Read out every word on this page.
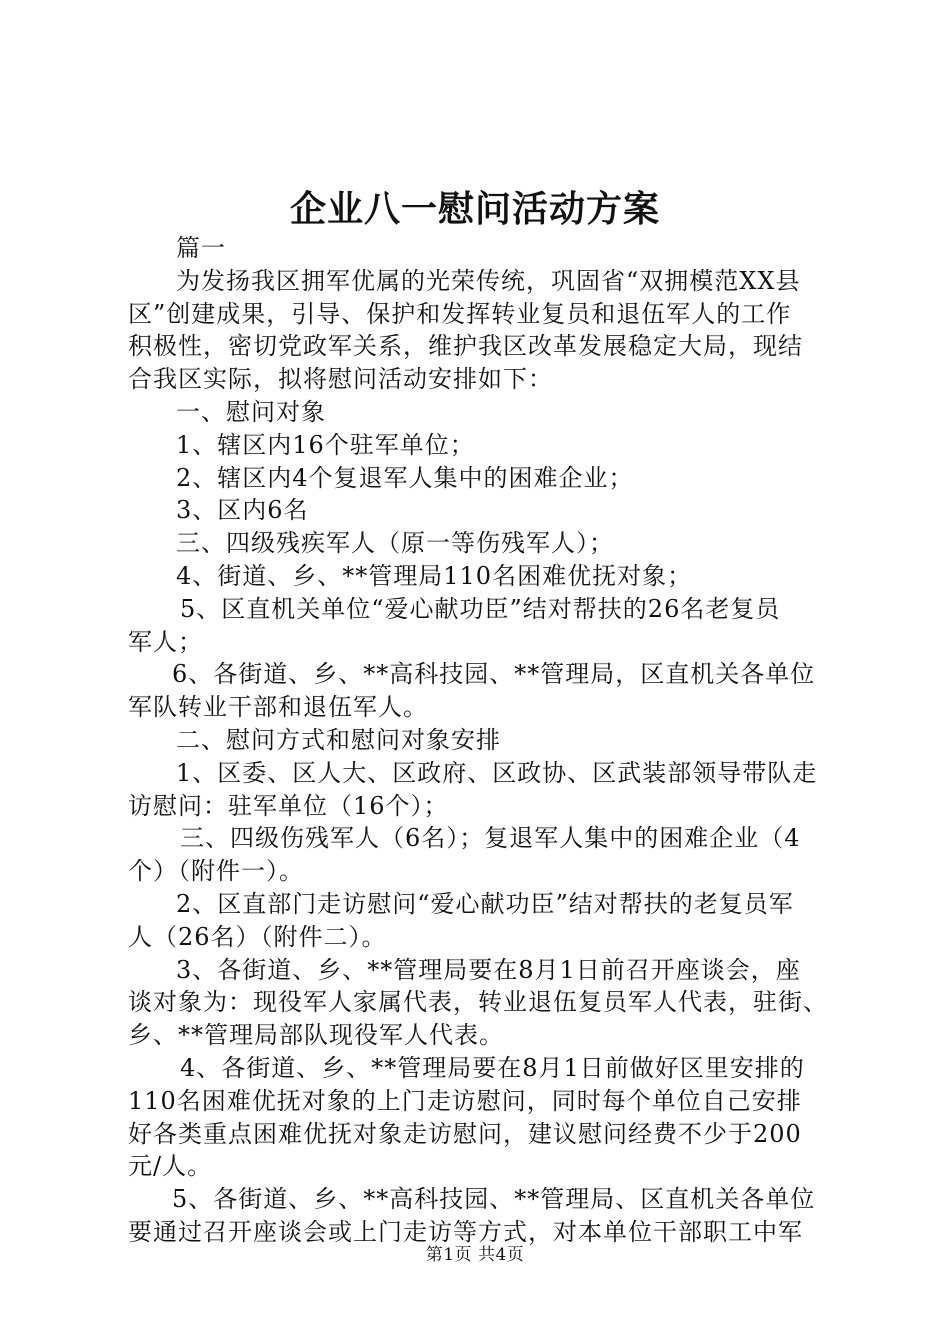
企业八一慰问活动方案
篇一
为发扬我区拥军优属的光荣传统，巩固省“双拥模范XX县
区”创建成果，引导、保护和发挥转业复员和退伍军人的工作
积极性，密切党政军关系，维护我区改革发展稳定大局，现结
合我区实际，拟将慰问活动安排如下：
一、慰问对象
1、辖区内16个驻军单位；
2、辖区内4个复退军人集中的困难企业；
3、区内6名
三、四级残疾军人（原一等伤残军人）；
4、街道、乡、**管理局110名困难优抚对象；
5、区直机关单位“爱心献功臣”结对帮扶的26名老复员
军人；
6、各街道、乡、**高科技园、**管理局，区直机关各单位
军队转业干部和退伍军人。
二、慰问方式和慰问对象安排
1、区委、区人大、区政府、区政协、区武装部领导带队走
访慰问：驻军单位（16个）；
三、四级伤残军人（6名）；复退军人集中的困难企业（4
个）（附件一）。
2、区直部门走访慰问“爱心献功臣”结对帮扶的老复员军
人（26名）（附件二）。
3、各街道、乡、**管理局要在8月1日前召开座谈会，座
谈对象为：现役军人家属代表，转业退伍复员军人代表，驻街、
乡、**管理局部队现役军人代表。
4、各街道、乡、**管理局要在8月1日前做好区里安排的
110名困难优抚对象的上门走访慰问，同时每个单位自己安排
好各类重点困难优抚对象走访慰问，建议慰问经费不少于200
元/人。
5、各街道、乡、**高科技园、**管理局、区直机关各单位
要通过召开座谈会或上门走访等方式，对本单位干部职工中军
第1页 共4页
